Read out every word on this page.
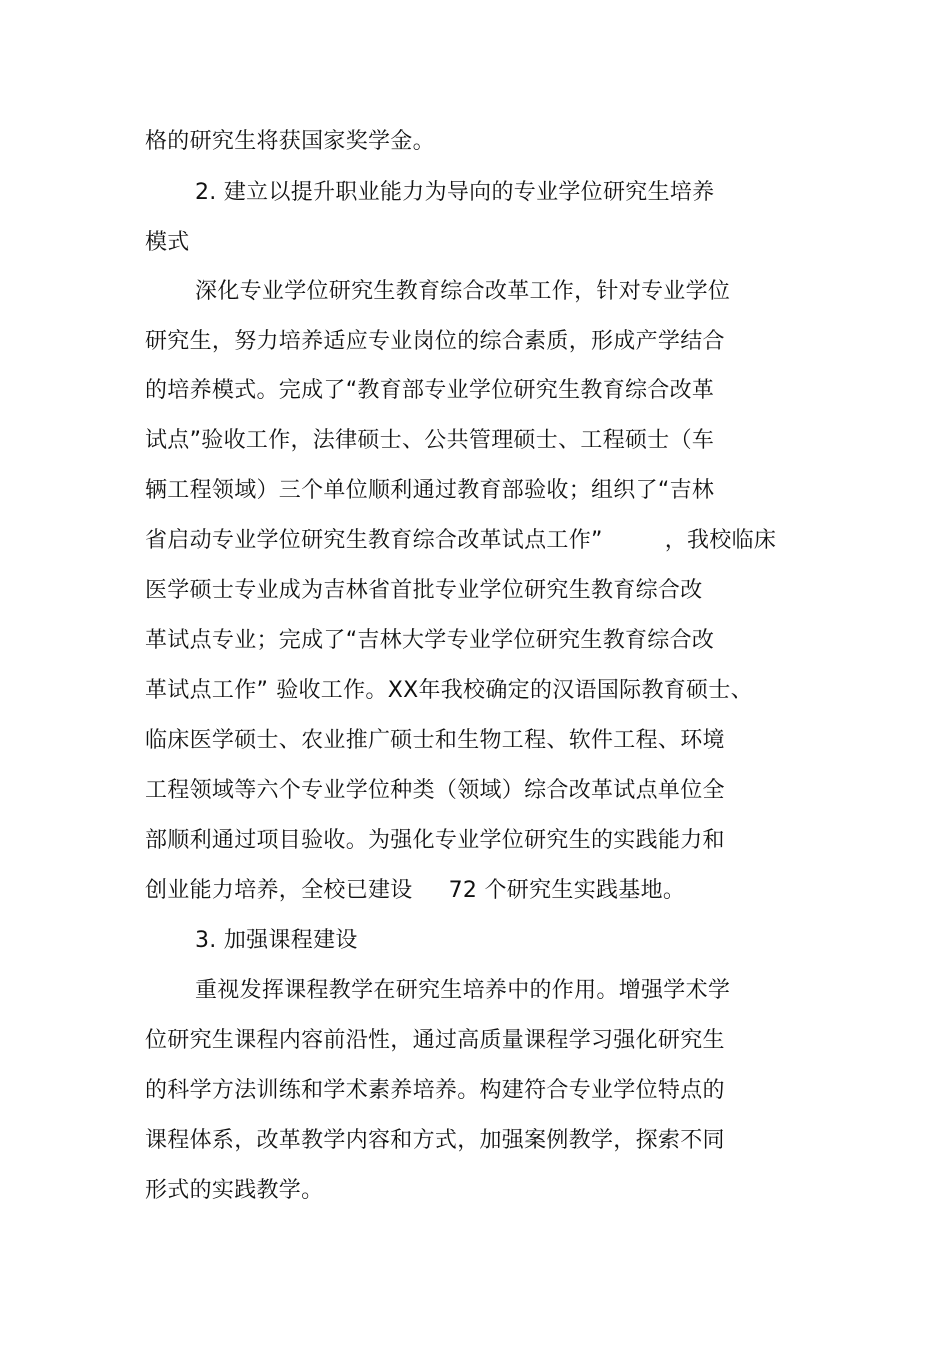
格的研究生将获国家奖学金。
2. 建立以提升职业能力为导向的专业学位研究生培养
模式
深化专业学位研究生教育综合改革工作，针对专业学位
研究生，努力培养适应专业岗位的综合素质，形成产学结合
的培养模式。完成了“教育部专业学位研究生教育综合改革
试点”验收工作，法律硕士、公共管理硕士、工程硕士（车
辆工程领域）三个单位顺利通过教育部验收；组织了“吉林
省启动专业学位研究生教育综合改革试点工作”	，我校临床
医学硕士专业成为吉林省首批专业学位研究生教育综合改
革试点专业；完成了“吉林大学专业学位研究生教育综合改
革试点工作” 验收工作。XX年我校确定的汉语国际教育硕士、
临床医学硕士、农业推广硕士和生物工程、软件工程、环境
工程领域等六个专业学位种类（领域）综合改革试点单位全
部顺利通过项目验收。为强化专业学位研究生的实践能力和
创业能力培养，全校已建设 72 个研究生实践基地。
3. 加强课程建设
重视发挥课程教学在研究生培养中的作用。增强学术学
位研究生课程内容前沿性，通过高质量课程学习强化研究生
的科学方法训练和学术素养培养。构建符合专业学位特点的
课程体系，改革教学内容和方式，加强案例教学，探索不同
形式的实践教学。
